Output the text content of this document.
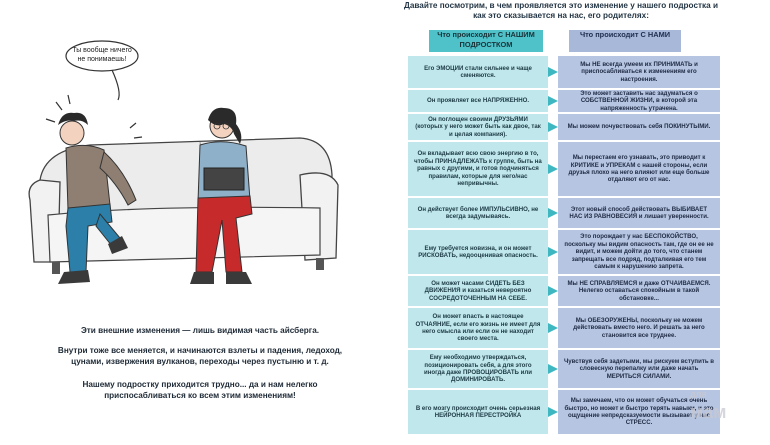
Ты вообще ничего не понимаешь!
Эти внешние изменения — лишь видимая часть айсберга.
Внутри тоже все меняется, и начинаются взлеты и падения, ледоход, цунами, извержения вулканов, переходы через пустыню и т. д.
Нашему подростку приходится трудно... да и нам нелегко приспосабливаться ко всем этим изменениям!
Давайте посмотрим, в чем проявляется это изменение у нашего подростка и как это сказывается на нас, его родителях:
Что происходит С НАШИМ ПОДРОСТКОМ
Что происходит С НАМИ
Его ЭМОЦИИ стали сильнее и чаще сменяются.
Мы НЕ всегда умеем их ПРИНИМАТЬ и приспосабливаться к изменениям его настроения.
Он проявляет все НАПРЯЖЕННО.
Это может заставить нас задуматься о СОБСТВЕННОЙ ЖИЗНИ, в которой эта напряженность утрачена.
Он поглощен своими ДРУЗЬЯМИ (которых у него может быть как двое, так и целая компания).
Мы можем почувствовать себя ПОКИНУТЫМИ.
Он вкладывает всю свою энергию в то, чтобы ПРИНАДЛЕЖАТЬ к группе, быть на равных с другими, и готов подчиняться правилам, которые для него/нас непривычны.
Мы перестаем его узнавать, это приводит к КРИТИКЕ и УПРЕКАМ с нашей стороны, если друзья плохо на него влияют или еще больше отдаляют его от нас.
Он действует более ИМПУЛЬСИВНО, не всегда задумываясь.
Этот новый способ действовать ВЫБИВАЕТ НАС ИЗ РАВНОВЕСИЯ и лишает уверенности.
Ему требуется новизна, и он может РИСКОВАТЬ, недооценивая опасность.
Это порождает у нас БЕСПОКОЙСТВО, поскольку мы видим опасность там, где он ее не видит, и можем дойти до того, что станем запрещать все подряд, подталкивая его тем самым к нарушению запрета.
Он может часами СИДЕТЬ БЕЗ ДВИЖЕНИЯ и казаться невероятно СОСРЕДОТОЧЕННЫМ НА СЕБЕ.
Мы НЕ СПРАВЛЯЕМСЯ и даже ОТЧАИВАЕМСЯ. Нелегко оставаться спокойным в такой обстановке...
Он может впасть в настоящее ОТЧАЯНИЕ, если его жизнь не имеет для него смысла или если он не находит своего места.
Мы ОБЕЗОРУЖЕНЫ, поскольку не можем действовать вместо него. И решать за него становится все труднее.
Ему необходимо утверждаться, позиционировать себя, а для этого иногда даже ПРОВОЦИРОВАТЬ или ДОМИНИРОВАТЬ.
Чувствуя себя задетыми, мы рискуем вступить в словесную перепалку или даже начать МЕРИТЬСЯ СИЛАМИ.
В его мозгу происходит очень серьезная НЕЙРОННАЯ ПЕРЕСТРОЙКА
Мы замечаем, что он может обучаться очень быстро, но может и быстро терять навыки, и это ощущение непредсказуемости вызывает у нас СТРЕСС.
для
мам
